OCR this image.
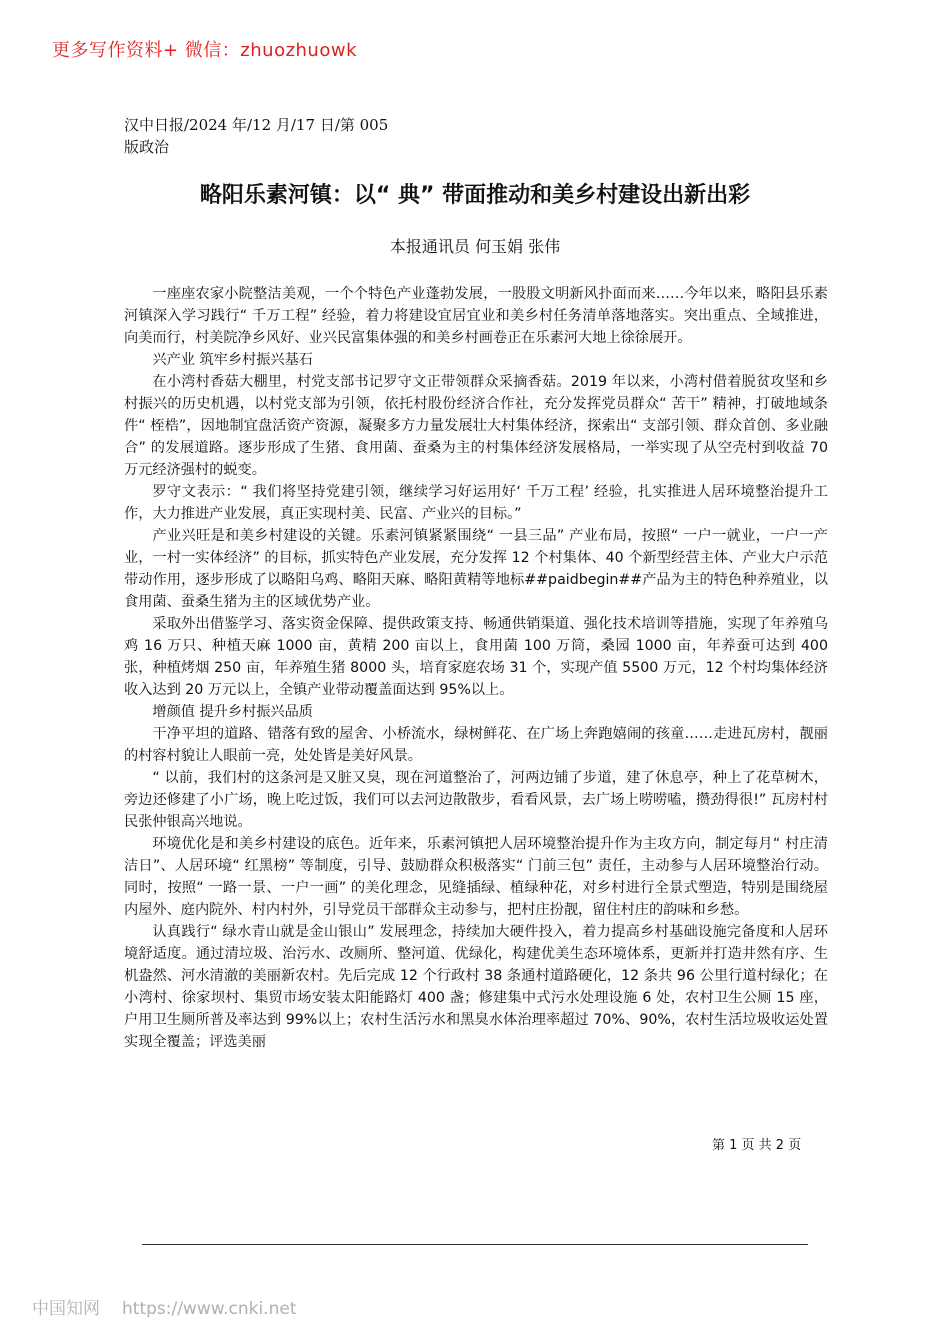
更多写作资料+ 微信：zhuozhuowk
汉中日报/2024 年/12 月/17 日/第 005
版政治
略阳乐素河镇：以“ 典” 带面推动和美乡村建设出新出彩
本报通讯员 何玉娟 张伟

一座座农家小院整洁美观，一个个特色产业蓬勃发展，一股股文明新风扑面而来……今年以来，略阳县乐素河镇深入学习践行“ 千万工程” 经验，着力将建设宜居宜业和美乡村任务清单落地落实。突出重点、全域推进，向美而行，村美院净乡风好、业兴民富集体强的和美乡村画卷正在乐素河大地上徐徐展开。

兴产业 筑牢乡村振兴基石

在小湾村香菇大棚里，村党支部书记罗守文正带领群众采摘香菇。2019 年以来，小湾村借着脱贫攻坚和乡村振兴的历史机遇，以村党支部为引领，依托村股份经济合作社，充分发挥党员群众“ 苦干” 精神，打破地域条件“ 桎梏”，因地制宜盘活资产资源，凝聚多方力量发展壮大村集体经济，探索出“ 支部引领、群众首创、多业融合” 的发展道路。逐步形成了生猪、食用菌、蚕桑为主的村集体经济发展格局，一举实现了从空壳村到收益 70 万元经济强村的蜕变。

罗守文表示：“ 我们将坚持党建引领，继续学习好运用好‘ 千万工程’ 经验，扎实推进人居环境整治提升工作，大力推进产业发展，真正实现村美、民富、产业兴的目标。”

产业兴旺是和美乡村建设的关键。乐素河镇紧紧围绕“ 一县三品” 产业布局，按照“ 一户一就业，一户一产业，一村一实体经济” 的目标，抓实特色产业发展，充分发挥 12 个村集体、40 个新型经营主体、产业大户示范带动作用，逐步形成了以略阳乌鸡、略阳天麻、略阳黄精等地标##paidbegin##产品为主的特色种养殖业，以食用菌、蚕桑生猪为主的区域优势产业。

采取外出借鉴学习、落实资金保障、提供政策支持、畅通供销渠道、强化技术培训等措施，实现了年养殖乌鸡 16 万只、种植天麻 1000 亩，黄精 200 亩以上，食用菌 100 万筒，桑园 1000 亩，年养蚕可达到 400 张，种植烤烟 250 亩，年养殖生猪 8000 头，培育家庭农场 31 个，实现产值 5500 万元，12 个村均集体经济收入达到 20 万元以上，全镇产业带动覆盖面达到 95%以上。

增颜值 提升乡村振兴品质

干净平坦的道路、错落有致的屋舍、小桥流水，绿树鲜花、在广场上奔跑嬉闹的孩童……走进瓦房村，靓丽的村容村貌让人眼前一亮，处处皆是美好风景。

“ 以前，我们村的这条河是又脏又臭，现在河道整治了，河两边铺了步道，建了休息亭，种上了花草树木，旁边还修建了小广场，晚上吃过饭，我们可以去河边散散步，看看风景，去广场上唠唠嗑，攒劲得很!” 瓦房村村民张仲银高兴地说。

环境优化是和美乡村建设的底色。近年来，乐素河镇把人居环境整治提升作为主攻方向，制定每月“ 村庄清洁日”、人居环境“ 红黑榜” 等制度，引导、鼓励群众积极落实“ 门前三包” 责任，主动参与人居环境整治行动。同时，按照“ 一路一景、一户一画” 的美化理念，见缝插绿、植绿种花，对乡村进行全景式塑造，特别是围绕屋内屋外、庭内院外、村内村外，引导党员干部群众主动参与，把村庄扮靓，留住村庄的韵味和乡愁。

认真践行“ 绿水青山就是金山银山” 发展理念，持续加大硬件投入，着力提高乡村基础设施完备度和人居环境舒适度。通过清垃圾、治污水、改厕所、整河道、优绿化，构建优美生态环境体系，更新并打造井然有序、生机盎然、河水清澈的美丽新农村。先后完成 12 个行政村 38 条通村道路硬化，12 条共 96 公里行道村绿化；在小湾村、徐家坝村、集贸市场安装太阳能路灯 400 盏；修建集中式污水处理设施 6 处，农村卫生公厕 15 座，户用卫生厕所普及率达到 99%以上；农村生活污水和黑臭水体治理率超过 70%、90%，农村生活垃圾收运处置实现全覆盖；评选美丽

第 1 页 共 2 页
中国知网 https://www.cnki.net
